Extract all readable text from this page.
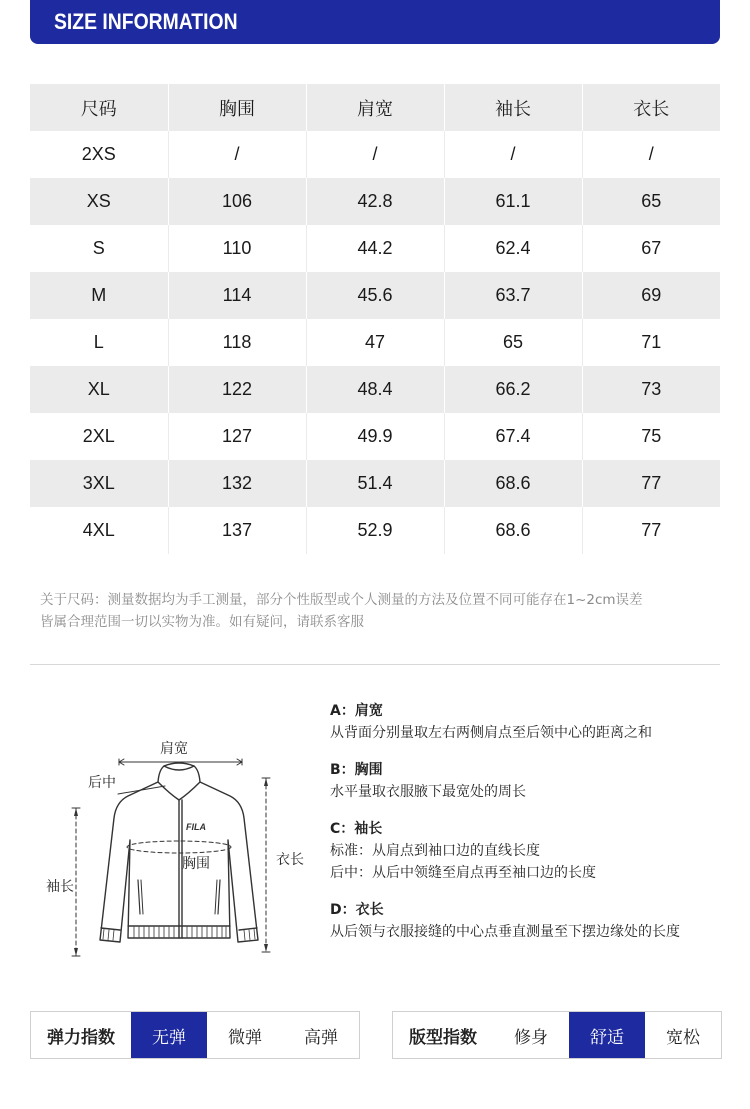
SIZE INFORMATION
尺码	胸围	肩宽	袖长	衣长
2XS	/	/	/	/
XS	106	42.8	61.1	65
S	110	44.2	62.4	67
M	114	45.6	63.7	69
L	118	47	65	71
XL	122	48.4	66.2	73
2XL	127	49.9	67.4	75
3XL	132	51.4	68.6	77
4XL	137	52.9	68.6	77
关于尺码：测量数据均为手工测量，部分个性版型或个人测量的方法及位置不同可能存在1~2cm误差
皆属合理范围一切以实物为准。如有疑问，请联系客服
FILA
肩宽
后中
胸围
袖长
衣长
A：肩宽
从背面分别量取左右两侧肩点至后领中心的距离之和
B：胸围
水平量取衣服腋下最宽处的周长
C：袖长
标准：从肩点到袖口边的直线长度
后中：从后中领缝至肩点再至袖口边的长度
D：衣长
从后领与衣服接缝的中心点垂直测量至下摆边缘处的长度
弹力指数	无弹	微弹	高弹	版型指数	修身	舒适	宽松
